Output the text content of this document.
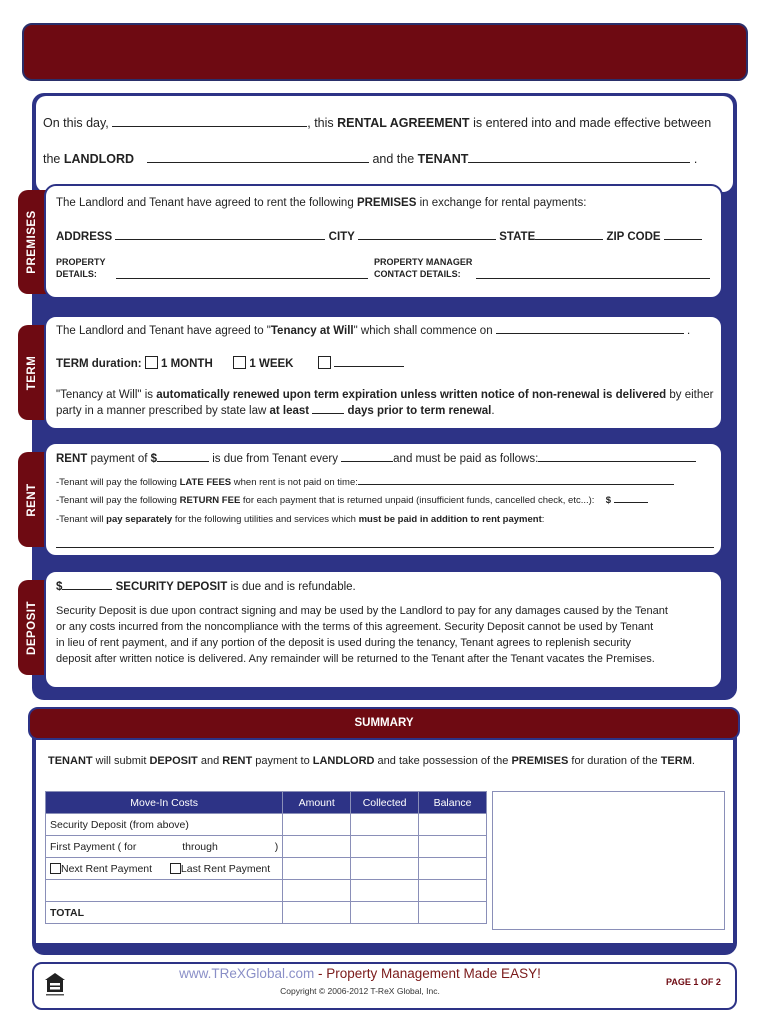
On this day,	, this RENTAL AGREEMENT is entered into and made effective between
the LANDLORD	and the TENANT	.
PREMISES
The Landlord and Tenant have agreed to rent the following PREMISES in exchange for rental payments:
ADDRESS	CITY	STATE	ZIP CODE
PROPERTY
DETAILS:
PROPERTY MANAGER
CONTACT DETAILS:
TERM
The Landlord and Tenant have agreed to "Tenancy at Will" which shall commence on	.
TERM duration: 1 MONTH	1 WEEK
"Tenancy at Will" is automatically renewed upon term expiration unless written notice of non-renewal is delivered by either party in a manner prescribed by state law at least	days prior to term renewal.
RENT
RENT payment of $	is due from Tenant every	and must be paid as follows:
-Tenant will pay the following LATE FEES when rent is not paid on time:
-Tenant will pay the following RETURN FEE for each payment that is returned unpaid (insufficient funds, cancelled check, etc...): $
-Tenant will pay separately for the following utilities and services which must be paid in addition to rent payment:
DEPOSIT
$	SECURITY DEPOSIT is due and is refundable.
Security Deposit is due upon contract signing and may be used by the Landlord to pay for any damages caused by the Tenant
or any costs incurred from the noncompliance with the terms of this agreement. Security Deposit cannot be used by Tenant
in lieu of rent payment, and if any portion of the deposit is used during the tenancy, Tenant agrees to replenish security
deposit after written notice is delivered. Any remainder will be returned to the Tenant after the Tenant vacates the Premises.
SUMMARY
TENANT will submit DEPOSIT and RENT payment to LANDLORD and take possession of the PREMISES for duration of the TERM.
Move-In Costs	Amount	Collected	Balance
Security Deposit (from above)			
First Payment ( for through )			

Next Rent Payment Last Rent Payment			

TOTAL			
www.TReXGlobal.com - Property Management Made EASY!
Copyright © 2006-2012 T-ReX Global, Inc.
PAGE 1 OF 2
